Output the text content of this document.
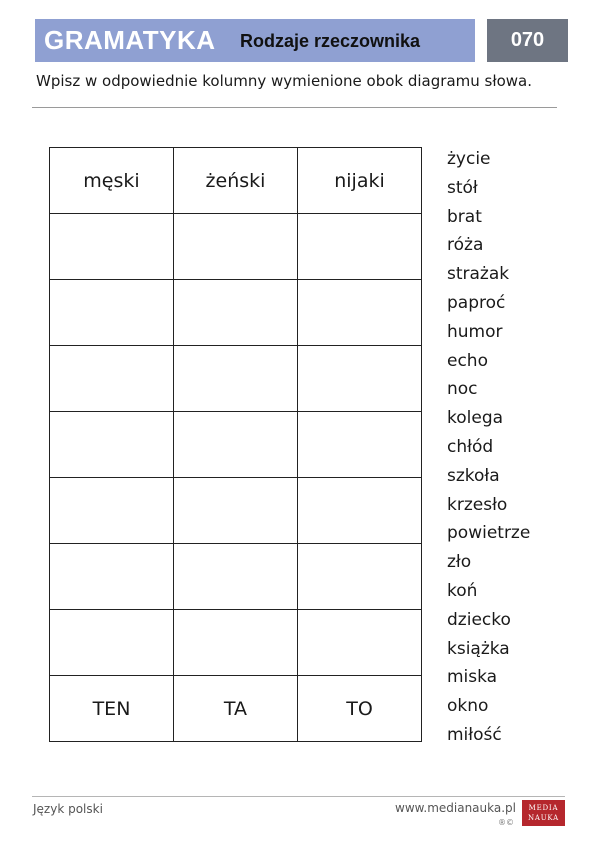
GRAMATYKA Rodzaje rzeczownika	070
Wpisz w odpowiednie kolumny wymienione obok diagramu słowa.
męski	żeński	nijaki

TEN	TA	TO
życie
stół
brat
róża
strażak
paproć
humor
echo
noc
kolega
chłód
szkoła
krzesło
powietrze
zło
koń
dziecko
książka
miska
okno
miłość
Język polski	www.medianauka.pl
®©
MEDIA
NAUKA
